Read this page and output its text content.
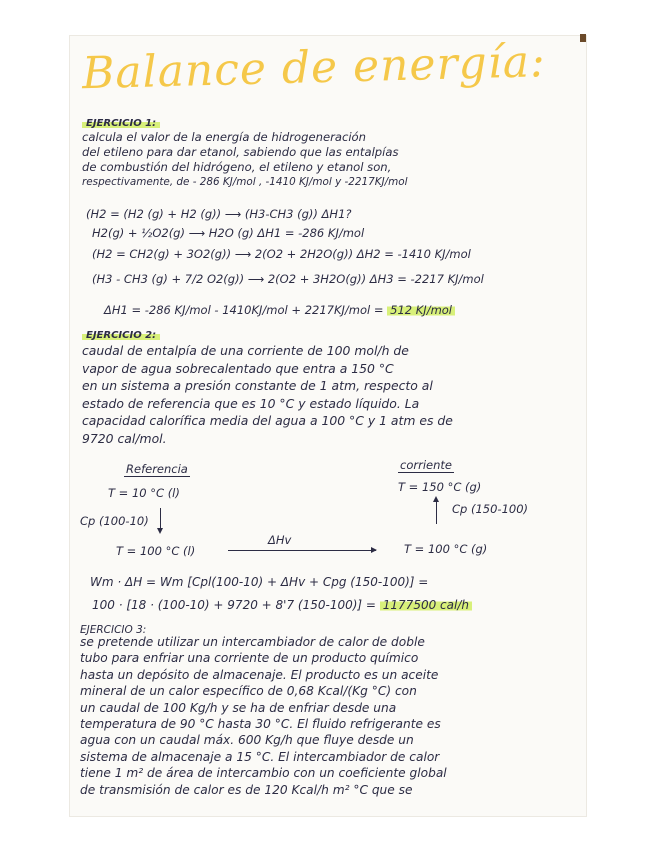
Balance de energía:
EJERCICIO 1:
calcula el valor de la energía de hidrogeneración
del etileno para dar etanol, sabiendo que las entalpías
de combustión del hidrógeno, el etileno y etanol son,
respectivamente, de - 286 KJ/mol , -1410 KJ/mol y -2217KJ/mol
(H2 = (H2 (g) + H2 (g)) ⟶ (H3-CH3 (g)) ΔH1?
H2(g) + ½O2(g) ⟶ H2O (g) ΔH1 = -286 KJ/mol
(H2 = CH2(g) + 3O2(g)) ⟶ 2(O2 + 2H2O(g)) ΔH2 = -1410 KJ/mol
(H3 - CH3 (g) + 7/2 O2(g)) ⟶ 2(O2 + 3H2O(g)) ΔH3 = -2217 KJ/mol
ΔH1 = -286 KJ/mol - 1410KJ/mol + 2217KJ/mol = 512 KJ/mol
EJERCICIO 2:
caudal de entalpía de una corriente de 100 mol/h de
vapor de agua sobrecalentado que entra a 150 °C
en un sistema a presión constante de 1 atm, respecto al
estado de referencia que es 10 °C y estado líquido. La
capacidad calorífica media del agua a 100 °C y 1 atm es de
9720 cal/mol.
Referencia	corriente
T = 10 °C (l)	T = 150 °C (g)
Cp (100-10)
Cp (150-100)
T = 100 °C (l)
ΔHv
T = 100 °C (g)
Wm · ΔH = Wm [Cpl(100-10) + ΔHv + Cpg (150-100)] =
100 · [18 · (100-10) + 9720 + 8'7 (150-100)] = 1177500 cal/h
EJERCICIO 3:
se pretende utilizar un intercambiador de calor de doble
tubo para enfriar una corriente de un producto químico
hasta un depósito de almacenaje. El producto es un aceite
mineral de un calor específico de 0,68 Kcal/(Kg °C) con
un caudal de 100 Kg/h y se ha de enfriar desde una
temperatura de 90 °C hasta 30 °C. El fluido refrigerante es
agua con un caudal máx. 600 Kg/h que fluye desde un
sistema de almacenaje a 15 °C. El intercambiador de calor
tiene 1 m² de área de intercambio con un coeficiente global
de transmisión de calor es de 120 Kcal/h m² °C que se
